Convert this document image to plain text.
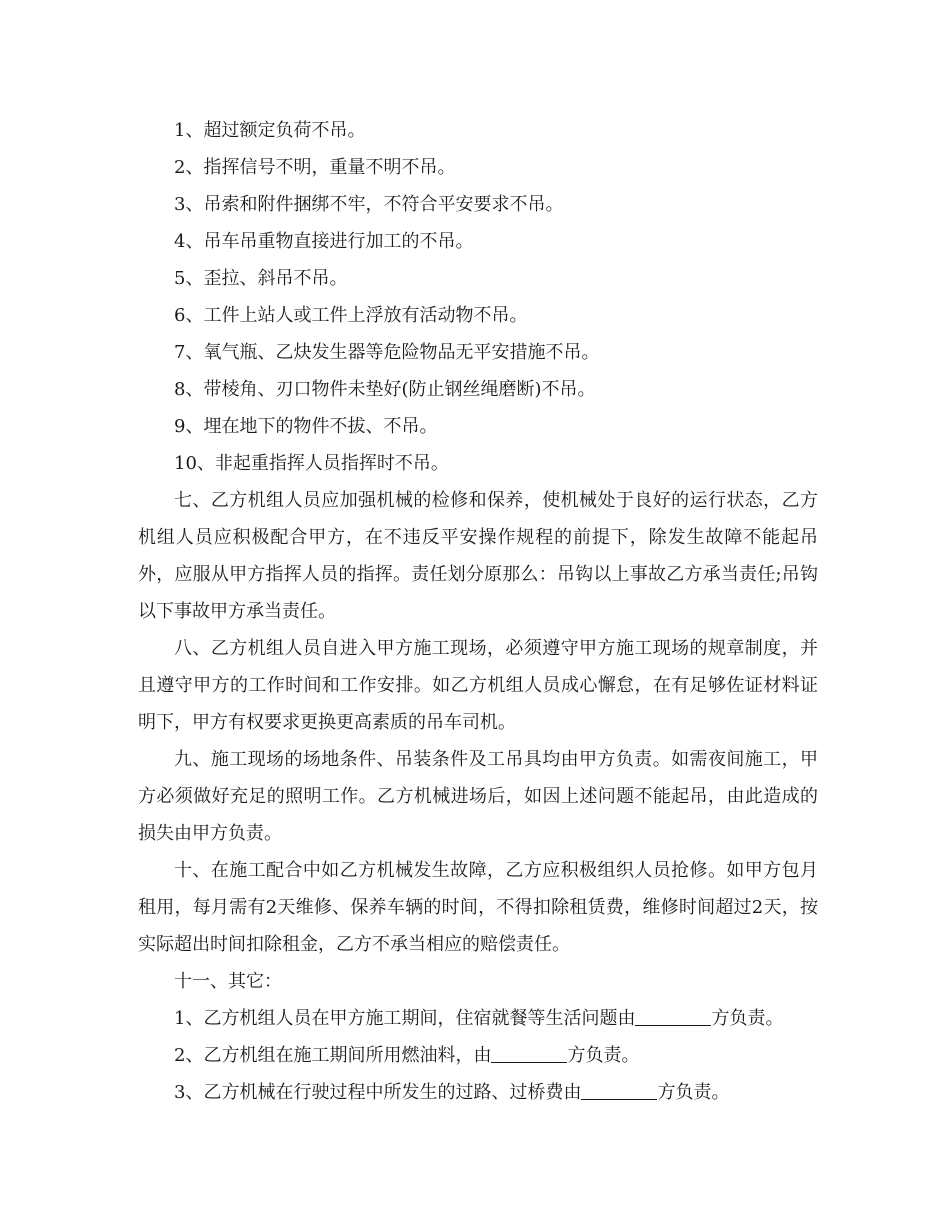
1、超过额定负荷不吊。
2、指挥信号不明，重量不明不吊。
3、吊索和附件捆绑不牢，不符合平安要求不吊。
4、吊车吊重物直接进行加工的不吊。
5、歪拉、斜吊不吊。
6、工件上站人或工件上浮放有活动物不吊。
7、氧气瓶、乙炔发生器等危险物品无平安措施不吊。
8、带棱角、刃口物件未垫好(防止钢丝绳磨断)不吊。
9、埋在地下的物件不拔、不吊。
10、非起重指挥人员指挥时不吊。

七、乙方机组人员应加强机械的检修和保养，使机械处于良好的运行状态，乙方机组人员应积极配合甲方，在不违反平安操作规程的前提下，除发生故障不能起吊外，应服从甲方指挥人员的指挥。责任划分原那么：吊钩以上事故乙方承当责任;吊钩以下事故甲方承当责任。

八、乙方机组人员自进入甲方施工现场，必须遵守甲方施工现场的规章制度，并且遵守甲方的工作时间和工作安排。如乙方机组人员成心懈怠，在有足够佐证材料证明下，甲方有权要求更换更高素质的吊车司机。

九、施工现场的场地条件、吊装条件及工吊具均由甲方负责。如需夜间施工，甲方必须做好充足的照明工作。乙方机械进场后，如因上述问题不能起吊，由此造成的损失由甲方负责。

十、在施工配合中如乙方机械发生故障，乙方应积极组织人员抢修。如甲方包月租用，每月需有2天维修、保养车辆的时间，不得扣除租赁费，维修时间超过2天，按实际超出时间扣除租金，乙方不承当相应的赔偿责任。

十一、其它：
1、乙方机组人员在甲方施工期间，住宿就餐等生活问题由	方负责。
2、乙方机组在施工期间所用燃油料，由	方负责。
3、乙方机械在行驶过程中所发生的过路、过桥费由	方负责。
